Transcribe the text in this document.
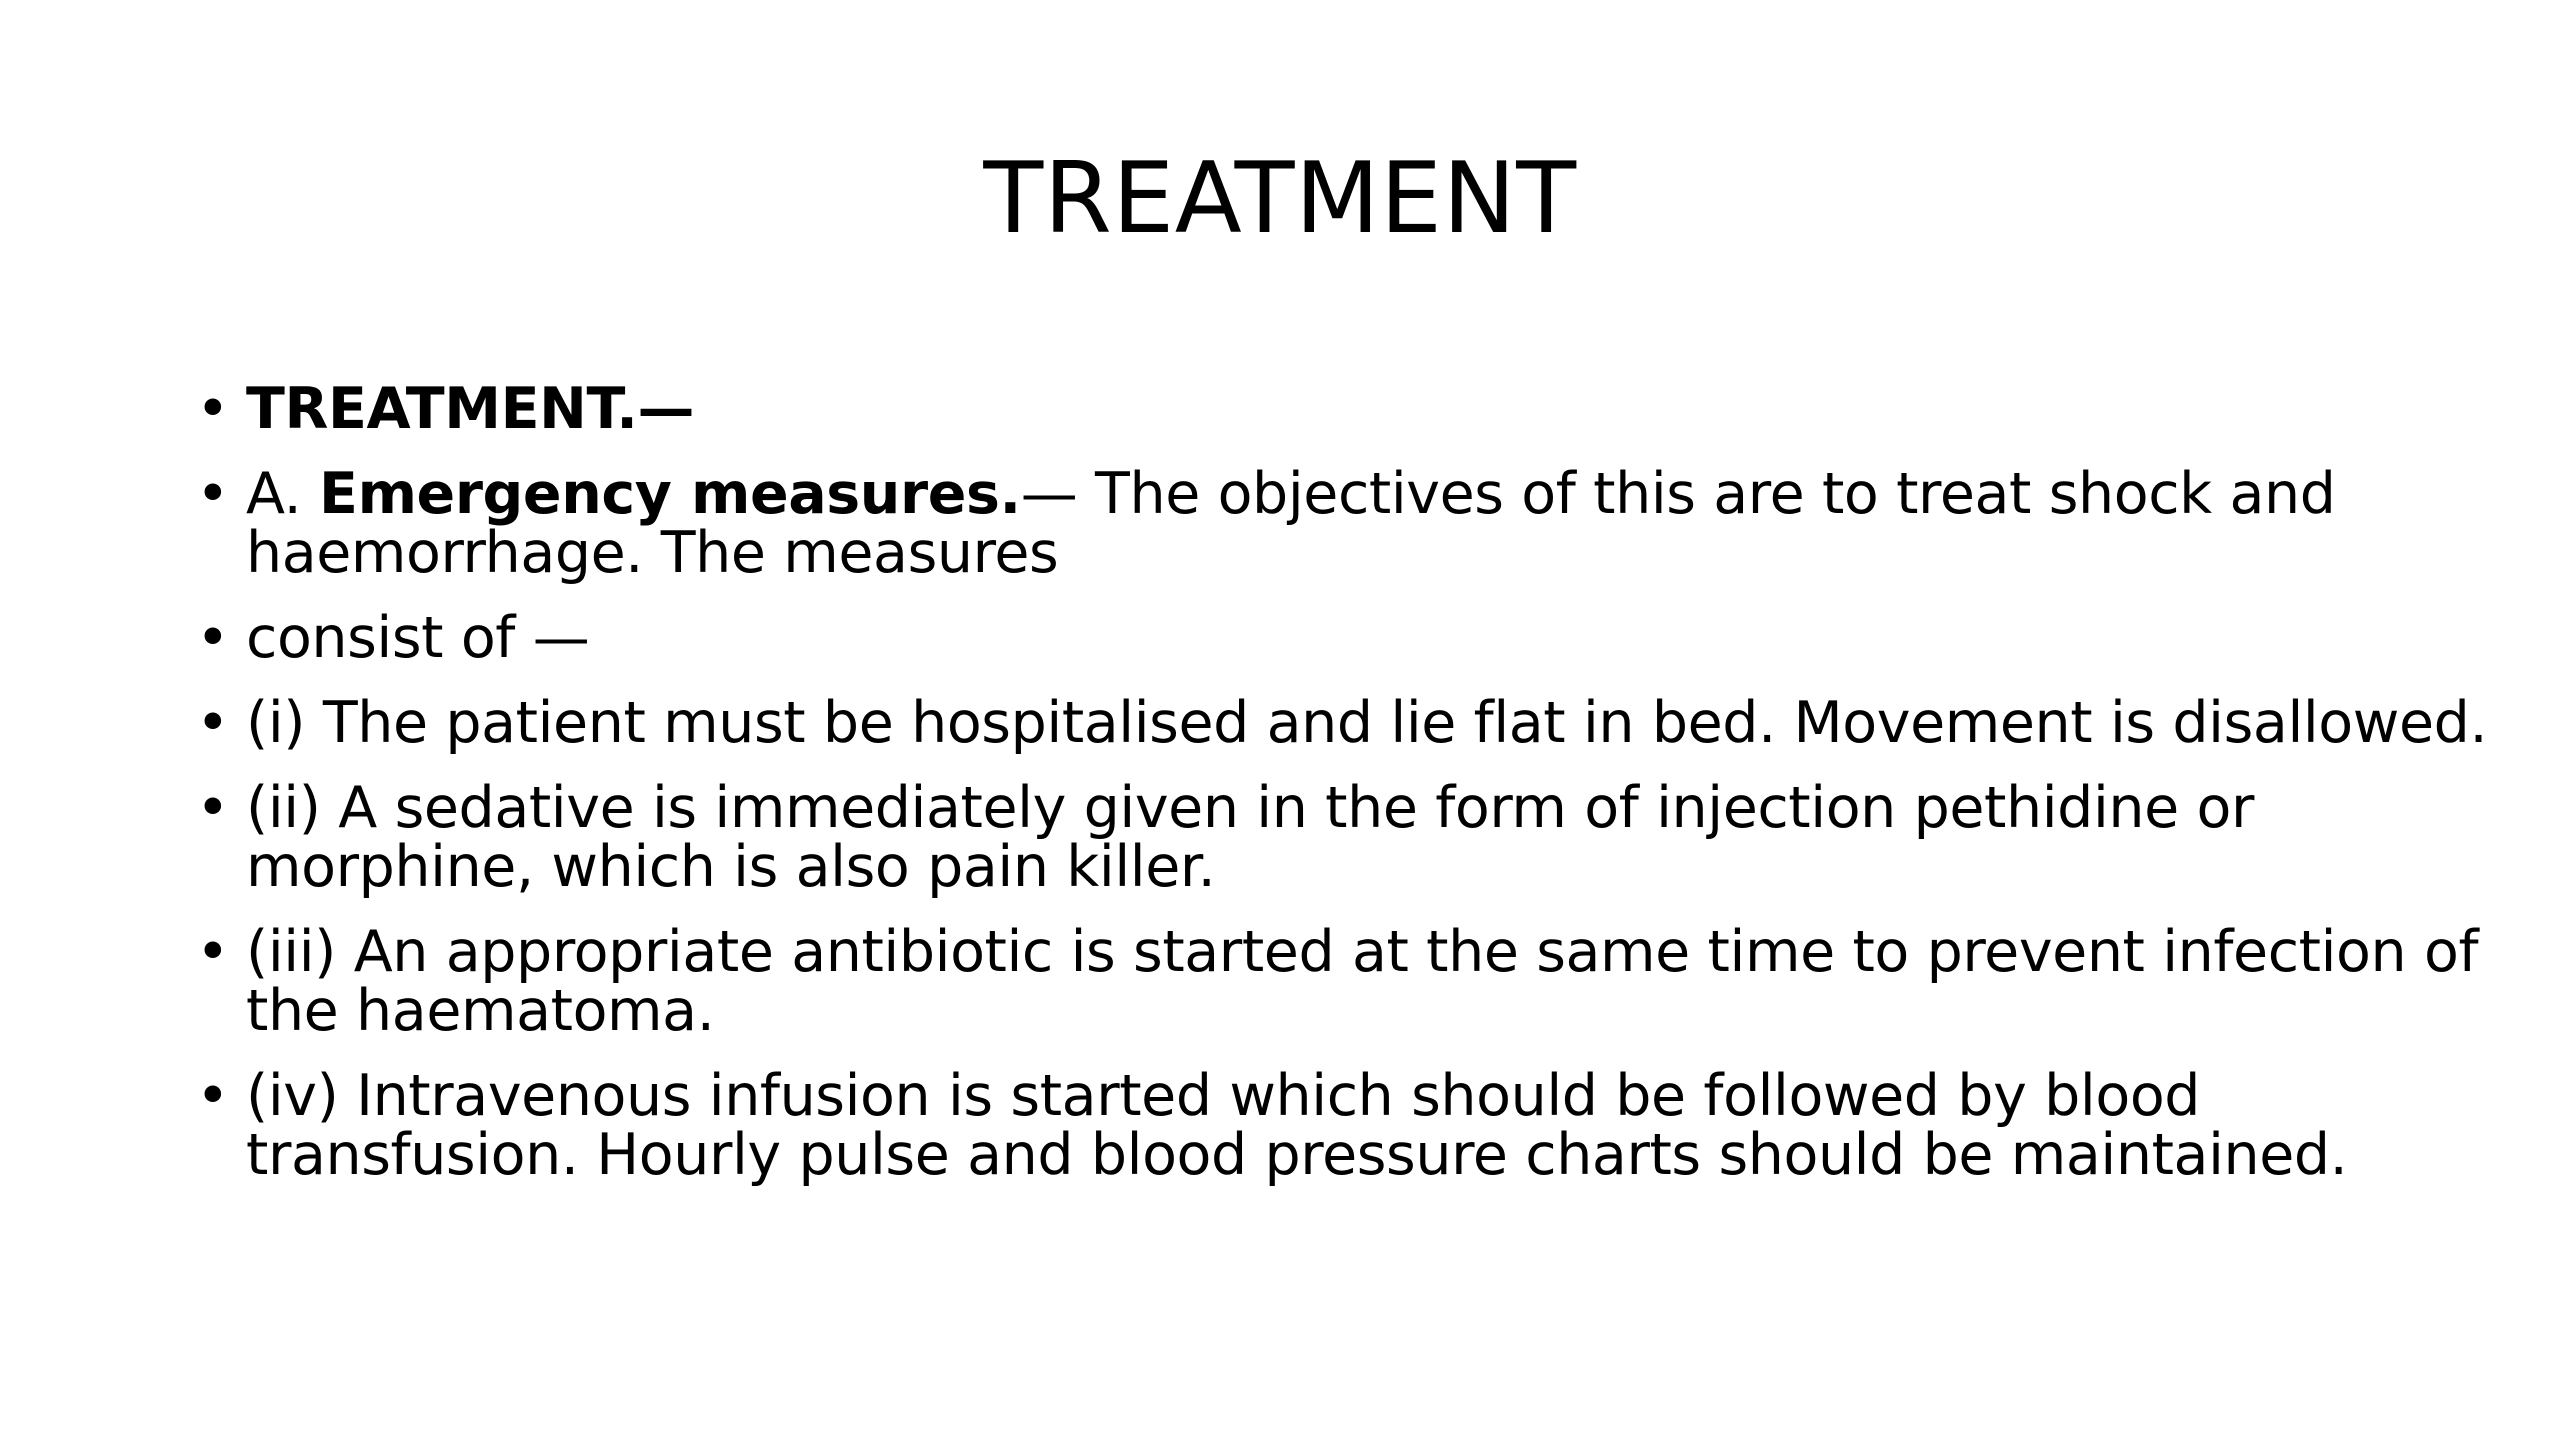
TREATMENT
• TREATMENT.—
• A. Emergency measures.— The objectives of this are to treat shock and haemorrhage. The measures
• consist of —
• (i) The patient must be hospitalised and lie flat in bed. Movement is disallowed.
• (ii) A sedative is immediately given in the form of injection pethidine or morphine, which is also pain killer.
• (iii) An appropriate antibiotic is started at the same time to prevent infection of the haematoma.
• (iv) Intravenous infusion is started which should be followed by blood transfusion. Hourly pulse and blood pressure charts should be maintained.
